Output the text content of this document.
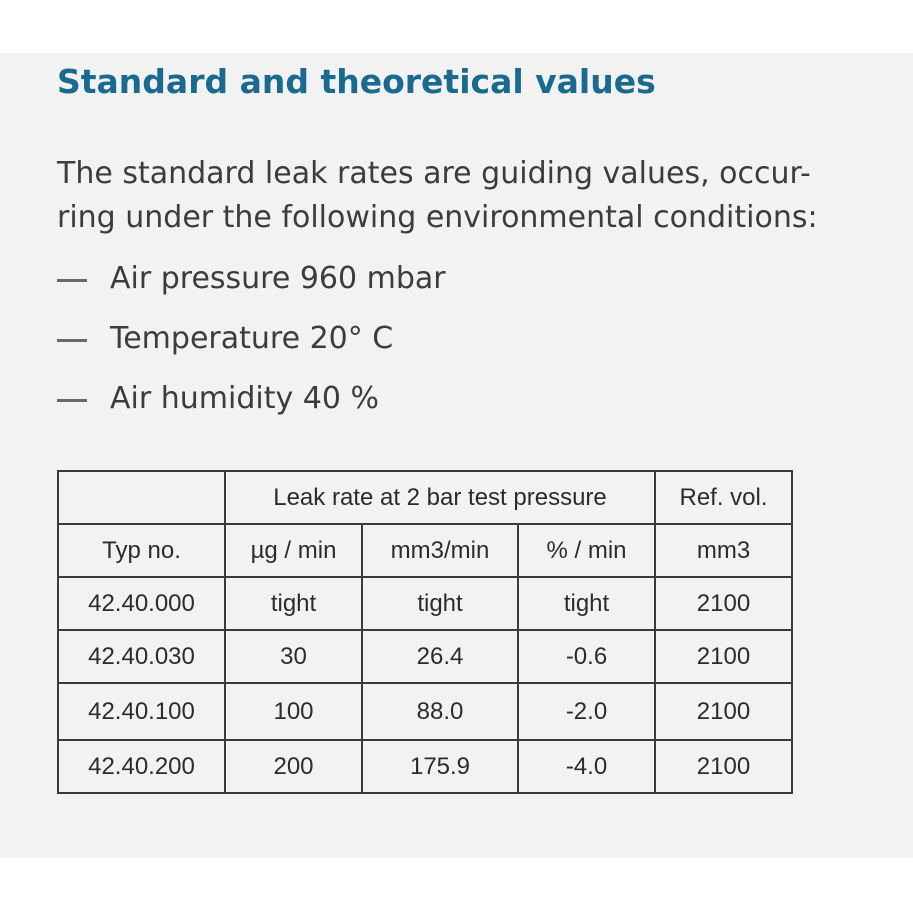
Standard and theoretical values

The standard leak rates are guiding values, occur-
ring under the following environmental conditions:

Air pressure 960 mbar
Temperature 20° C
Air humidity 40 %
	Leak rate at 2 bar test pressure			Ref. vol.
Typ no.	µg / min	mm3/min	% / min	mm3
42.40.000	tight	tight	tight	2100
42.40.030	30	26.4	-0.6	2100
42.40.100	100	88.0	-2.0	2100
42.40.200	200	175.9	-4.0	2100
